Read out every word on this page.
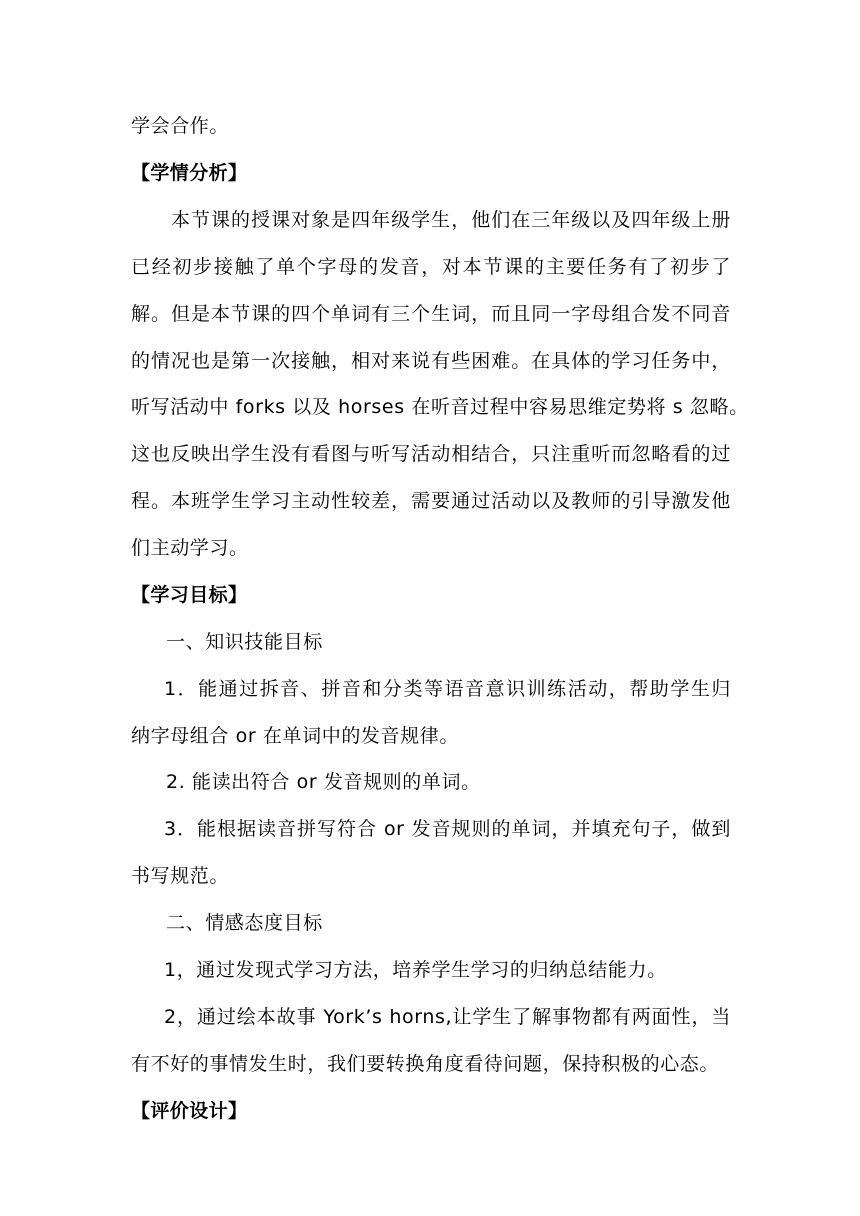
学会合作。
【学情分析】
本节课的授课对象是四年级学生，他们在三年级以及四年级上册
已经初步接触了单个字母的发音，对本节课的主要任务有了初步了
解。但是本节课的四个单词有三个生词，而且同一字母组合发不同音
的情况也是第一次接触，相对来说有些困难。在具体的学习任务中，
听写活动中 forks 以及 horses 在听音过程中容易思维定势将 s 忽略。
这也反映出学生没有看图与听写活动相结合，只注重听而忽略看的过
程。本班学生学习主动性较差，需要通过活动以及教师的引导激发他
们主动学习。
【学习目标】
一、知识技能目标
1．能通过拆音、拼音和分类等语音意识训练活动，帮助学生归
纳字母组合 or 在单词中的发音规律。
2. 能读出符合 or 发音规则的单词。
3．能根据读音拼写符合 or 发音规则的单词，并填充句子，做到
书写规范。
二、情感态度目标
1，通过发现式学习方法，培养学生学习的归纳总结能力。
2，通过绘本故事 York’s horns,让学生了解事物都有两面性，当
有不好的事情发生时，我们要转换角度看待问题，保持积极的心态。
【评价设计】
